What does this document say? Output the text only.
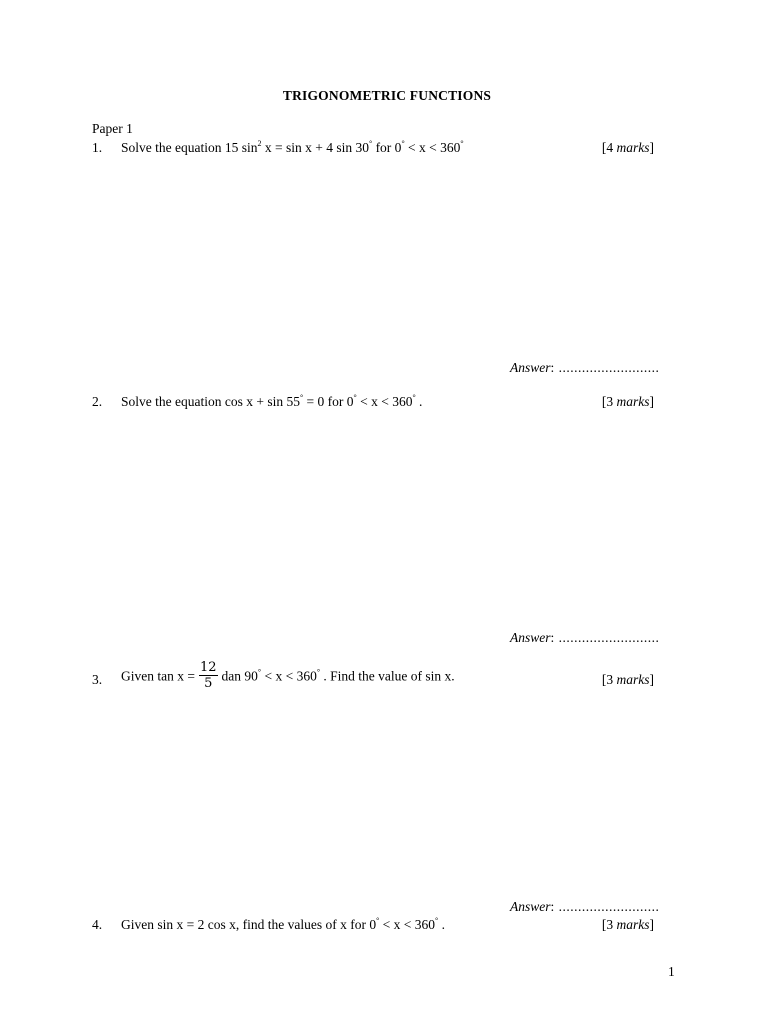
TRIGONOMETRIC FUNCTIONS
Paper 1
1. Solve the equation 15 $\sin^2 x = \sin x + 4$ sin 30° for 0° < x < 360°	[4 marks]
Answer: ..........................
2. Solve the equation cos x + sin 55° = 0 for 0° < x < 360° .	[3 marks]
Answer: ..........................
3. Given $\tan x = \frac{12}{5}$ dan 90° < x < 360° . Find the value of sin x.	[3 marks]
Answer: ..........................
4. Given sin x = 2 cos x, find the values of x for 0° < x < 360° .	[3 marks]
1
